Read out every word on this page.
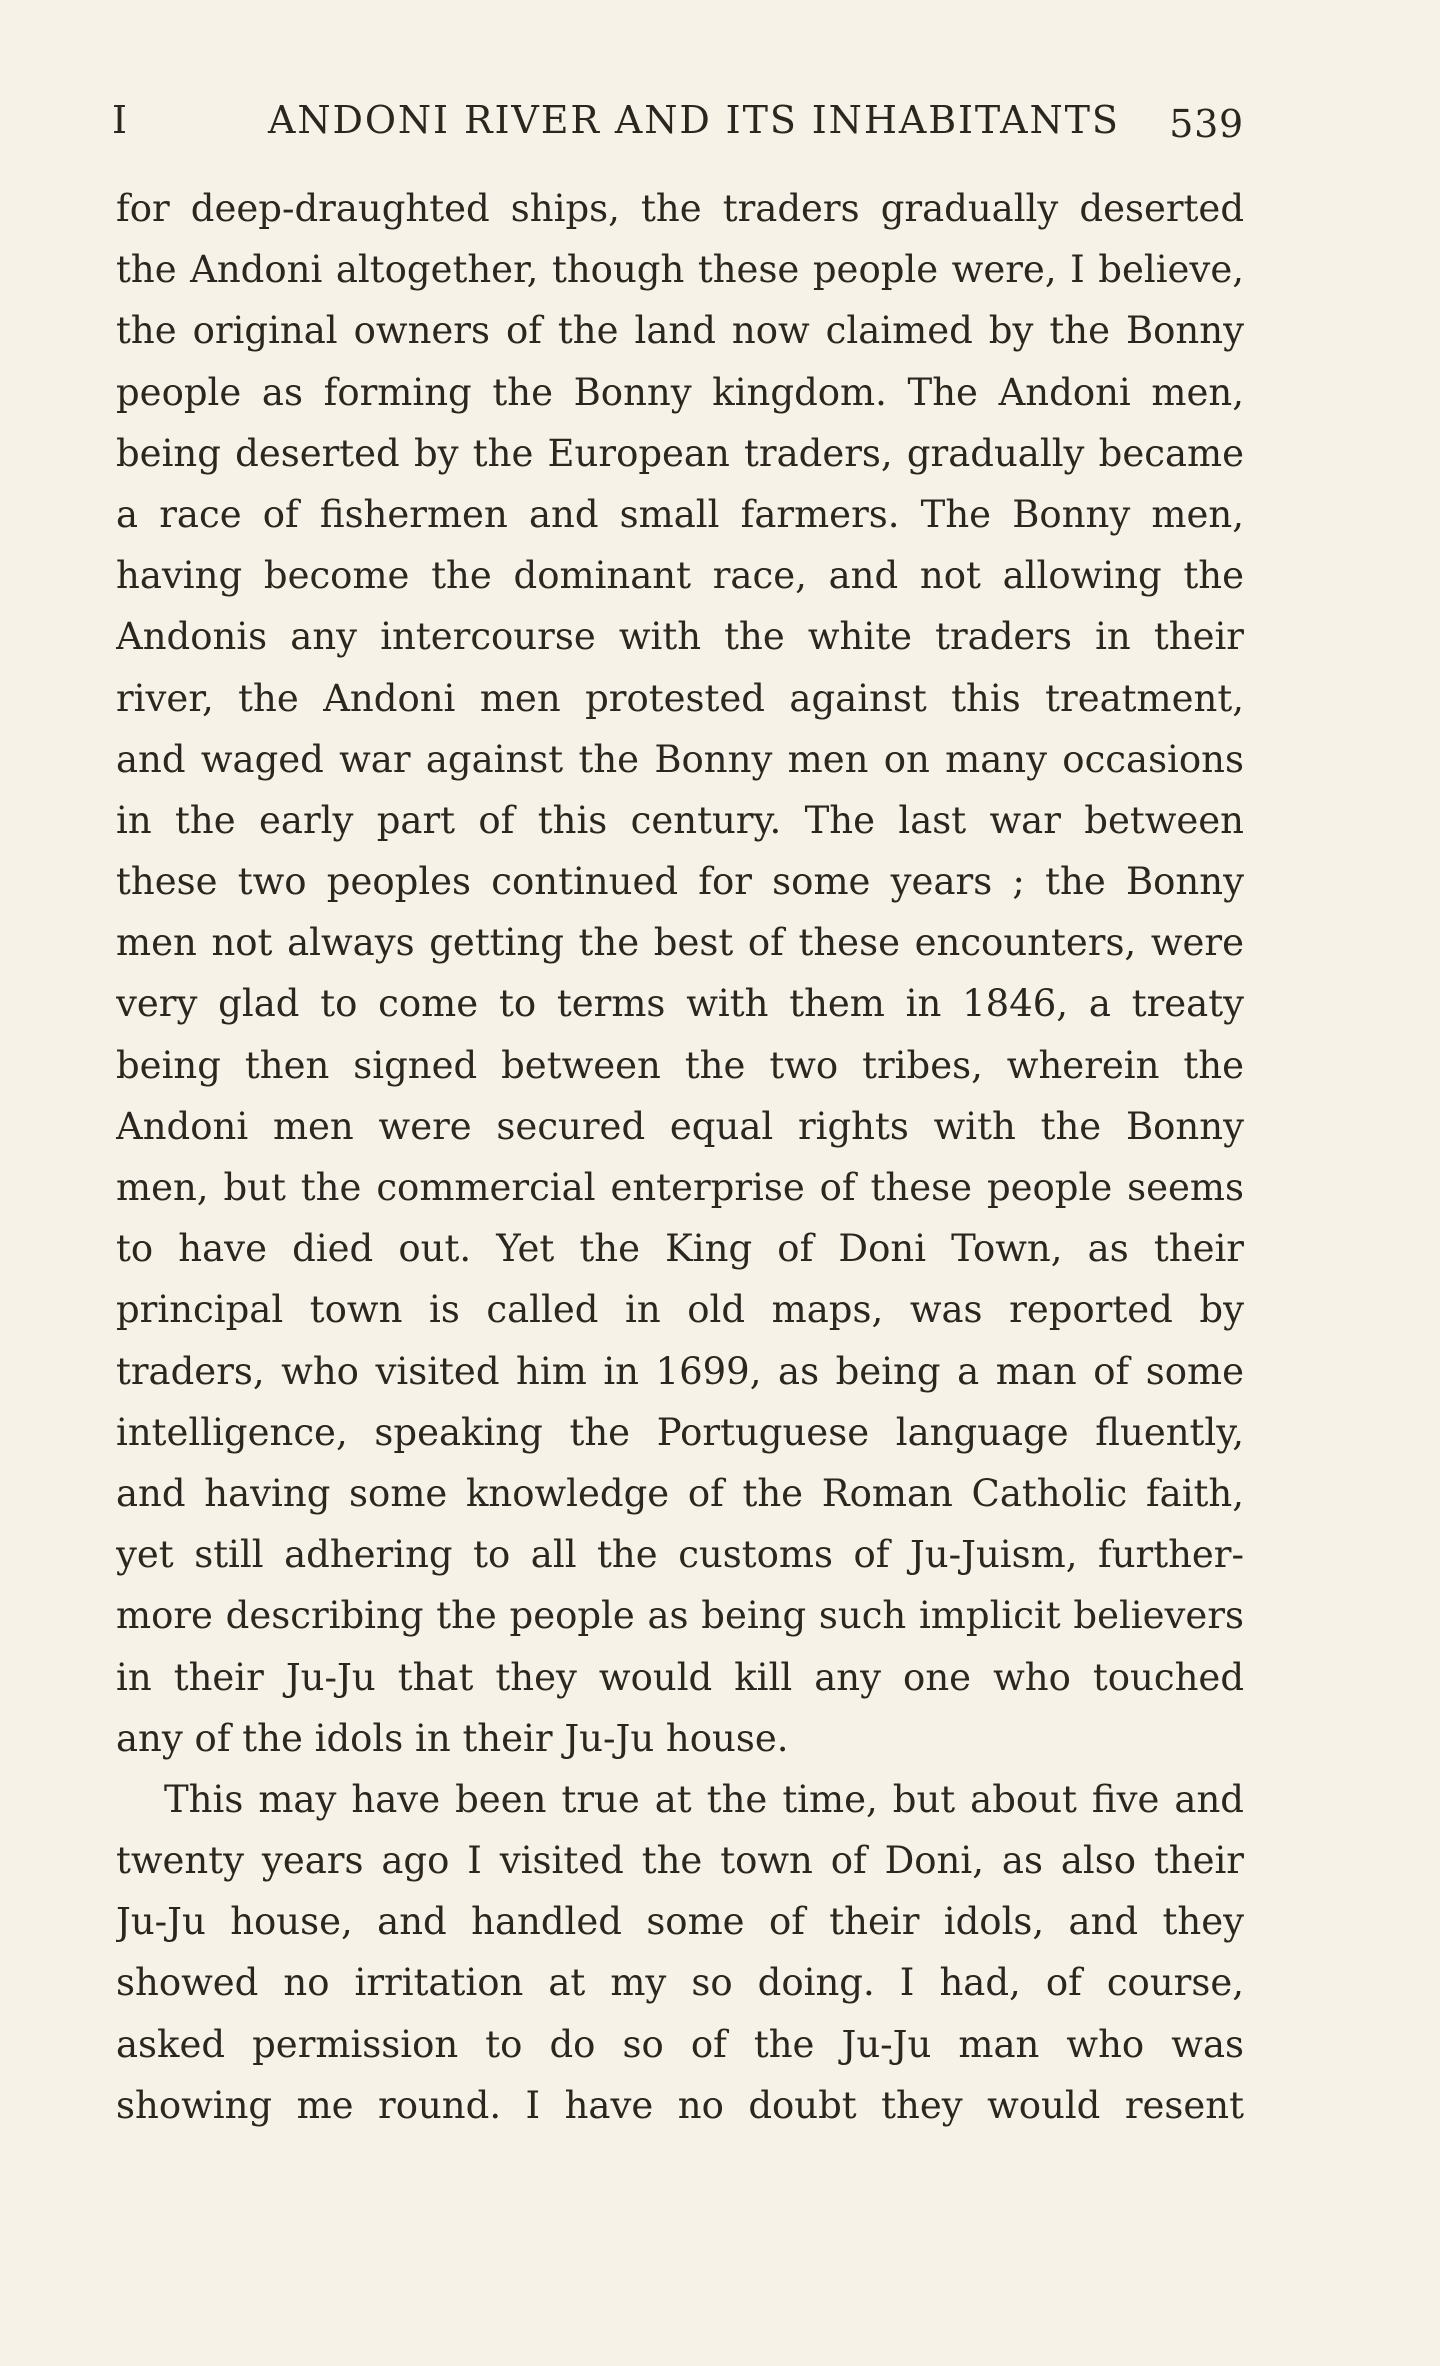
I	ANDONI RIVER AND ITS INHABITANTS 539
for deep-draughted ships, the traders gradually deserted
the Andoni altogether, though these people were, I believe,
the original owners of the land now claimed by the Bonny
people as forming the Bonny kingdom. The Andoni men,
being deserted by the European traders, gradually became
a race of fishermen and small farmers. The Bonny men,
having become the dominant race, and not allowing the
Andonis any intercourse with the white traders in their
river, the Andoni men protested against this treatment,
and waged war against the Bonny men on many occasions
in the early part of this century. The last war between
these two peoples continued for some years ; the Bonny
men not always getting the best of these encounters, were
very glad to come to terms with them in 1846, a treaty
being then signed between the two tribes, wherein the
Andoni men were secured equal rights with the Bonny
men, but the commercial enterprise of these people seems
to have died out. Yet the King of Doni Town, as their
principal town is called in old maps, was reported by
traders, who visited him in 1699, as being a man of some
intelligence, speaking the Portuguese language fluently,
and having some knowledge of the Roman Catholic faith,
yet still adhering to all the customs of Ju-Juism, further-
more describing the people as being such implicit believers
in their Ju-Ju that they would kill any one who touched
any of the idols in their Ju-Ju house.
This may have been true at the time, but about five and
twenty years ago I visited the town of Doni, as also their
Ju-Ju house, and handled some of their idols, and they
showed no irritation at my so doing. I had, of course,
asked permission to do so of the Ju-Ju man who was
showing me round. I have no doubt they would resent
